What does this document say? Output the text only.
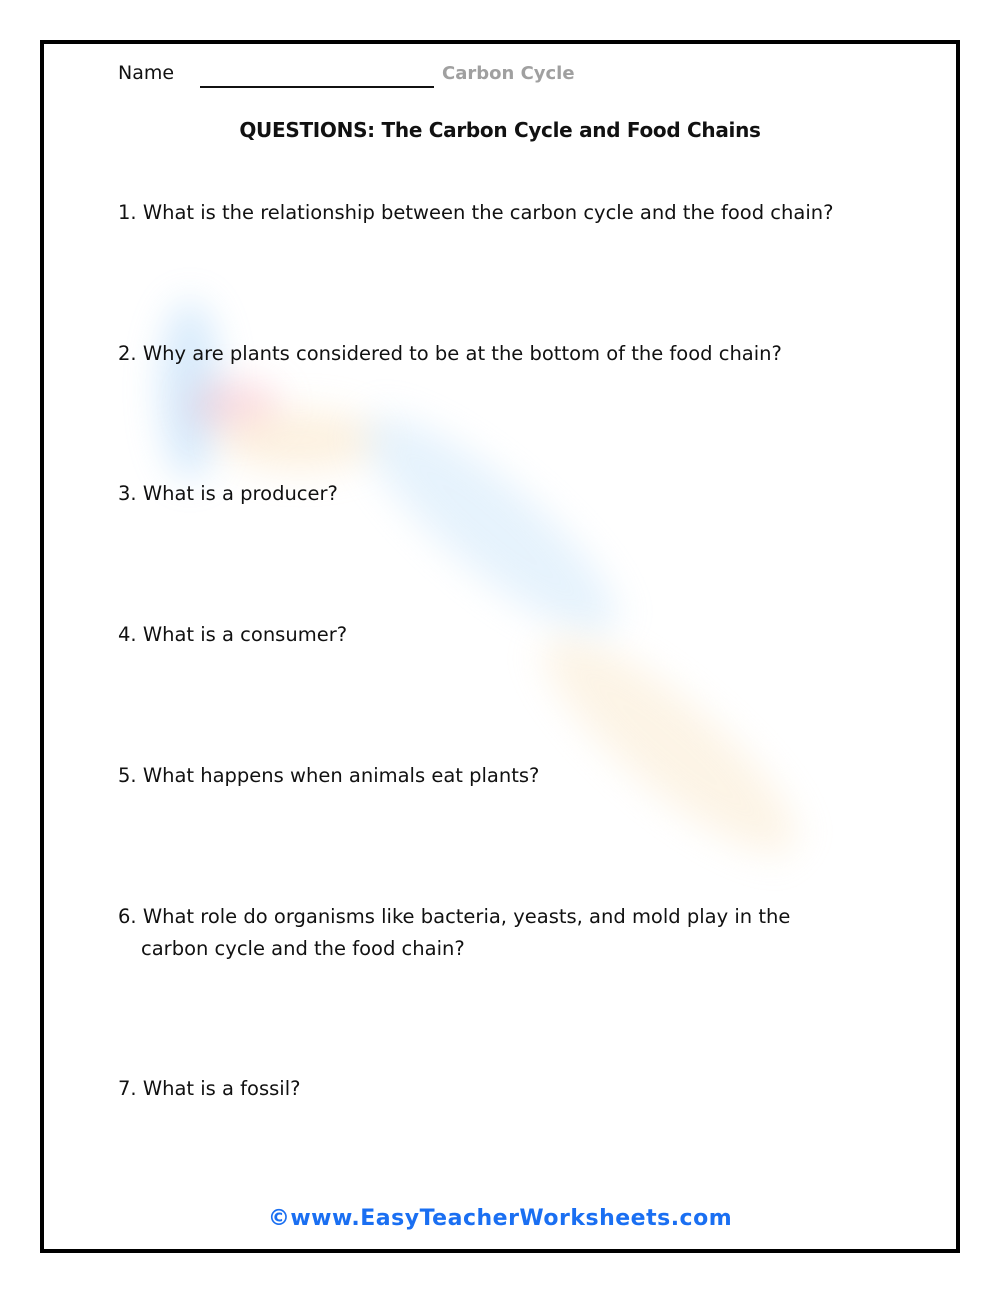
Name	Carbon Cycle
QUESTIONS: The Carbon Cycle and Food Chains
1. What is the relationship between the carbon cycle and the food chain?
2. Why are plants considered to be at the bottom of the food chain?
3. What is a producer?
4. What is a consumer?
5. What happens when animals eat plants?
6. What role do organisms like bacteria, yeasts, and mold play in the
carbon cycle and the food chain?
7. What is a fossil?
©www.EasyTeacherWorksheets.com
